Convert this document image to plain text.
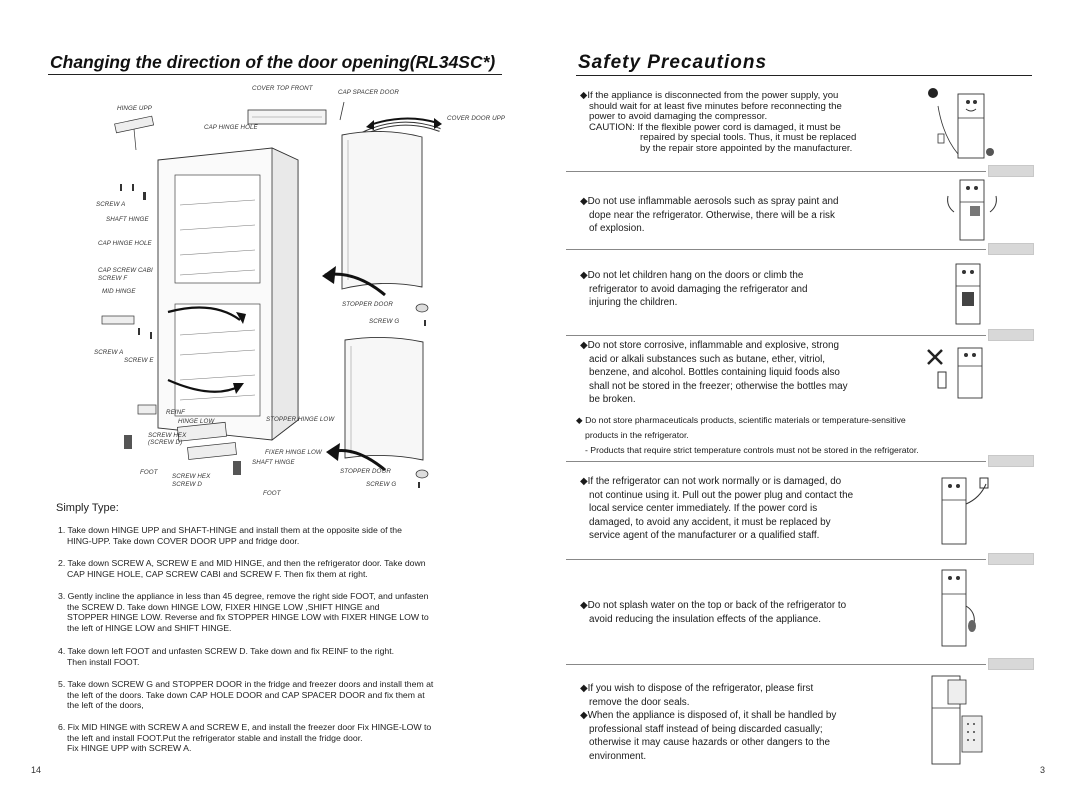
Changing the direction of the door opening(RL34SC*)
COVER TOP FRONT
CAP SPACER DOOR
HINGE UPP
COVER DOOR UPP
CAP HINGE HOLE
SCREW A
SHAFT HINGE
CAP HINGE HOLE
CAP SCREW CABI
SCREW F
MID HINGE
STOPPER DOOR
SCREW G
SCREW A
SCREW E
REINF
HINGE LOW	STOPPER HINGE LOW
SCREW HEX
(SCREW D)
FIXER HINGE LOW
SHAFT HINGE
FOOT
SCREW HEX
SCREW D
STOPPER DOOR
SCREW G
FOOT
Simply Type:
1. Take down HINGE UPP and SHAFT-HINGE and install them at the opposite side of the
HING-UPP. Take down COVER DOOR UPP and fridge door.
2. Take down SCREW A, SCREW E and MID HINGE, and then the refrigerator door. Take down
CAP HINGE HOLE, CAP SCREW CABI and SCREW F. Then fix them at right.
3. Gently incline the appliance in less than 45 degree, remove the right side FOOT, and unfasten
the SCREW D. Take down HINGE LOW, FIXER HINGE LOW ,SHIFT HINGE and
STOPPER HINGE LOW. Reverse and fix STOPPER HINGE LOW with FIXER HINGE LOW to
the left of HINGE LOW and SHIFT HINGE.
4. Take down left FOOT and unfasten SCREW D. Take down and fix REINF to the right.
Then install FOOT.
5. Take down SCREW G and STOPPER DOOR in the fridge and freezer doors and install them at
the left of the doors. Take down CAP HOLE DOOR and CAP SPACER DOOR and fix them at
the left of the doors,
6. Fix MID HINGE with SCREW A and SCREW E, and install the freezer door Fix HINGE-LOW to
the left and install FOOT.Put the refrigerator stable and install the fridge door.
Fix HINGE UPP with SCREW A.
14
Safety Precautions
◆If the appliance is disconnected from the power supply, you
should wait for at least five minutes before reconnecting the
power to avoid damaging the compressor.
CAUTION: If the flexible power cord is damaged, it must be
repaired by special tools. Thus, it must be replaced
by the repair store appointed by the manufacturer.
◆Do not use inflammable aerosols such as spray paint and
dope near the refrigerator. Otherwise, there will be a risk
of explosion.
◆Do not let children hang on the doors or climb the
refrigerator to avoid damaging the refrigerator and
injuring the children.
◆Do not store corrosive, inflammable and explosive, strong
acid or alkali substances such as butane, ether, vitriol,
benzene, and alcohol. Bottles containing liquid foods also
shall not be stored in the freezer; otherwise the bottles may
be broken.
◆ Do not store pharmaceuticals products, scientific materials or temperature-sensitive
products in the refrigerator.
- Products that require strict temperature controls must not be stored in the refrigerator.
◆If the refrigerator can not work normally or is damaged, do
not continue using it. Pull out the power plug and contact the
local service center immediately. If the power cord is
damaged, to avoid any accident, it must be replaced by
service agent of the manufacturer or a qualified staff.
◆Do not splash water on the top or back of the refrigerator to
avoid reducing the insulation effects of the appliance.
◆If you wish to dispose of the refrigerator, please first
remove the door seals.
◆When the appliance is disposed of, it shall be handled by
professional staff instead of being discarded casually;
otherwise it may cause hazards or other dangers to the
environment.
3
